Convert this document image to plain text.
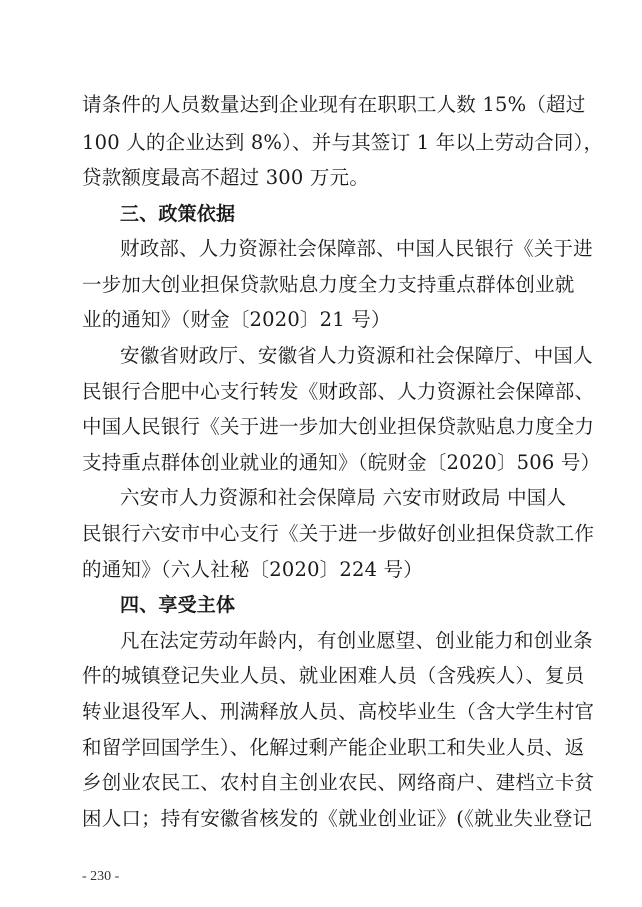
请条件的人员数量达到企业现有在职职工人数 15%（超过
100 人的企业达到 8%）、并与其签订 1 年以上劳动合同），
贷款额度最高不超过 300 万元。
三、政策依据
财政部、人力资源社会保障部、中国人民银行《关于进
一步加大创业担保贷款贴息力度全力支持重点群体创业就
业的通知》（财金〔2020〕21 号）
安徽省财政厅、安徽省人力资源和社会保障厅、中国人
民银行合肥中心支行转发《财政部、人力资源社会保障部、
中国人民银行《关于进一步加大创业担保贷款贴息力度全力
支持重点群体创业就业的通知》（皖财金〔2020〕506 号）
六安市人力资源和社会保障局 六安市财政局 中国人
民银行六安市中心支行《关于进一步做好创业担保贷款工作
的通知》（六人社秘〔2020〕224 号）
四、享受主体
凡在法定劳动年龄内，有创业愿望、创业能力和创业条
件的城镇登记失业人员、就业困难人员（含残疾人）、复员
转业退役军人、刑满释放人员、高校毕业生（含大学生村官
和留学回国学生）、化解过剩产能企业职工和失业人员、返
乡创业农民工、农村自主创业农民、网络商户、建档立卡贫
困人口；持有安徽省核发的《就业创业证》(《就业失业登记
- 230 -
